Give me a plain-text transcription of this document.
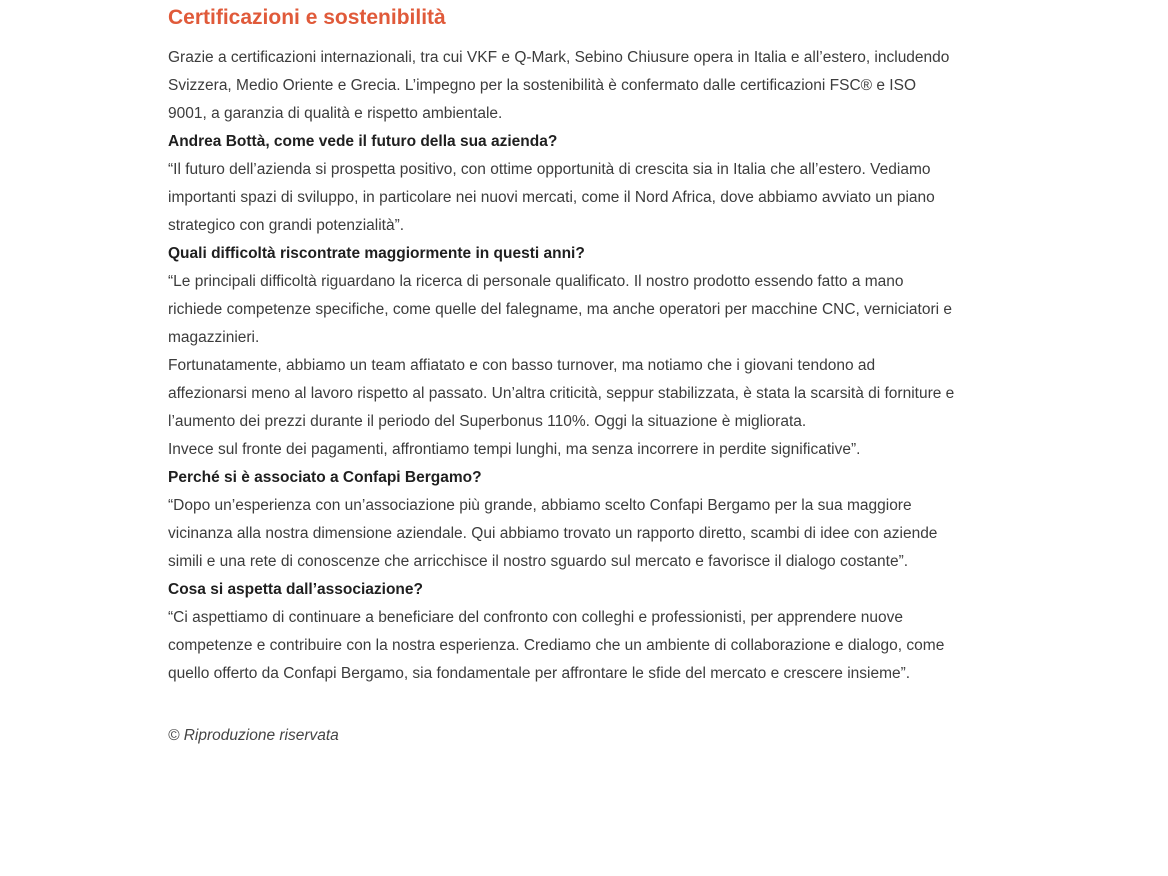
Certificazioni e sostenibilità

Grazie a certificazioni internazionali, tra cui VKF e Q-Mark, Sebino Chiusure opera in Italia e all’estero, includendo Svizzera, Medio Oriente e Grecia. L’impegno per la sostenibilità è confermato dalle certificazioni FSC® e ISO 9001, a garanzia di qualità e rispetto ambientale.

Andrea Bottà, come vede il futuro della sua azienda?

“Il futuro dell’azienda si prospetta positivo, con ottime opportunità di crescita sia in Italia che all’estero. Vediamo importanti spazi di sviluppo, in particolare nei nuovi mercati, come il Nord Africa, dove abbiamo avviato un piano strategico con grandi potenzialità”.

Quali difficoltà riscontrate maggiormente in questi anni?

“Le principali difficoltà riguardano la ricerca di personale qualificato. Il nostro prodotto essendo fatto a mano richiede competenze specifiche, come quelle del falegname, ma anche operatori per macchine CNC, verniciatori e magazzinieri.

Fortunatamente, abbiamo un team affiatato e con basso turnover, ma notiamo che i giovani tendono ad affezionarsi meno al lavoro rispetto al passato. Un’altra criticità, seppur stabilizzata, è stata la scarsità di forniture e l’aumento dei prezzi durante il periodo del Superbonus 110%. Oggi la situazione è migliorata.

Invece sul fronte dei pagamenti, affrontiamo tempi lunghi, ma senza incorrere in perdite significative”.

Perché si è associato a Confapi Bergamo?

“Dopo un’esperienza con un’associazione più grande, abbiamo scelto Confapi Bergamo per la sua maggiore vicinanza alla nostra dimensione aziendale. Qui abbiamo trovato un rapporto diretto, scambi di idee con aziende simili e una rete di conoscenze che arricchisce il nostro sguardo sul mercato e favorisce il dialogo costante”.

Cosa si aspetta dall’associazione?

“Ci aspettiamo di continuare a beneficiare del confronto con colleghi e professionisti, per apprendere nuove competenze e contribuire con la nostra esperienza. Crediamo che un ambiente di collaborazione e dialogo, come quello offerto da Confapi Bergamo, sia fondamentale per affrontare le sfide del mercato e crescere insieme”.

© Riproduzione riservata
